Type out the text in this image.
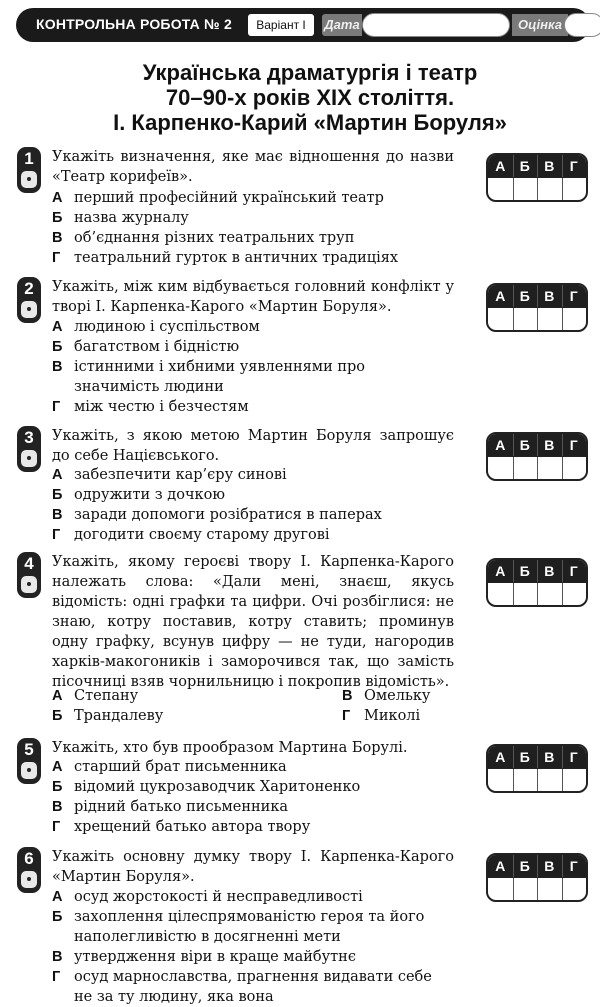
КОНТРОЛЬНА РОБОТА № 2	Варіант І	Дата	Оцінка
Українська драматургія і театр
70–90-х років ХІХ століття.
І. Карпенко-Карий «Мартин Боруля»
1	Укажіть визначення, яке має відношення до назви «Театр корифеїв».
А перший професійний український театр
Б назва журналу
В об’єднання різних театральних труп
Г театральний гурток в античних традиціях
А	Б	В	Г
2	Укажіть, між ким відбувається головний конфлікт у творі І. Карпенка-Карого «Мартин Боруля».
А людиною і суспільством
Б багатством і бідністю
В істинними і хибними уявленнями про значимість людини
Г між честю і безчестям
А	Б	В	Г
3	Укажіть, з якою метою Мартин Боруля запрошує до себе Націєвського.
А забезпечити кар’єру синові
Б одружити з дочкою
В заради допомоги розібратися в паперах
Г догодити своєму старому другові
А	Б	В	Г
4	Укажіть, якому героєві твору І. Карпенка-Карого належать слова: «Дали мені, знаєш, якусь відомість: одні графки та цифри. Очі розбіглися: не знаю, котру поставив, котру ставить; проминув одну графку, всунув цифру — не туди, нагородив харків-макогоників і заморочився так, що замість пісочниці взяв чорнильницю і покропив відомість».
А Степану	В Омельку
Б Трандалеву	Г Миколі
А	Б	В	Г
5	Укажіть, хто був прообразом Мартина Борулі.
А старший брат письменника
Б відомий цукрозаводчик Харитоненко
В рідний батько письменника
Г хрещений батько автора твору
А	Б	В	Г
6	Укажіть основну думку твору І. Карпенка-Карого «Мартин Боруля».
А осуд жорстокості й несправедливості
Б захоплення цілеспрямованістю героя та його наполегливістю в досягненні мети
В утвердження віри в краще майбутнє
Г осуд марнославства, прагнення видавати себе не за ту людину, яка вона
А	Б	В	Г
